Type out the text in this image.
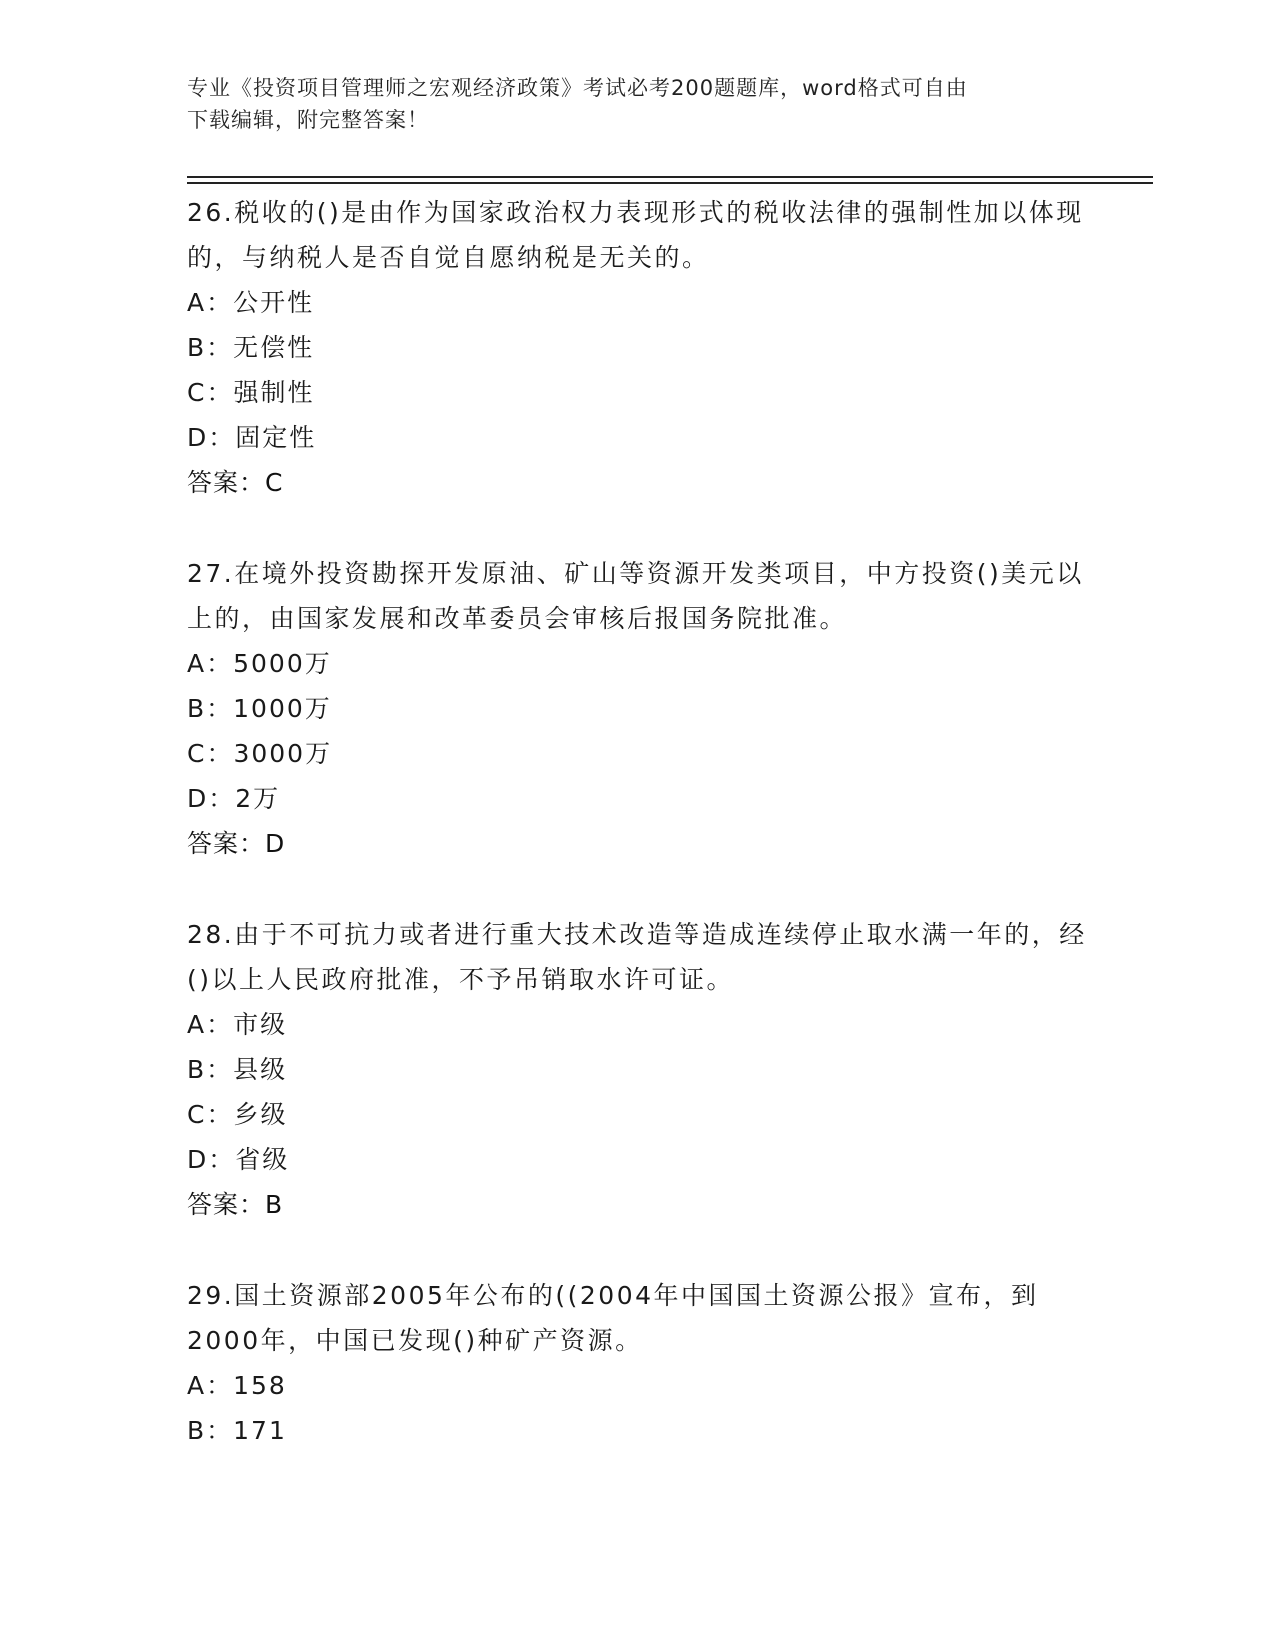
专业《投资项目管理师之宏观经济政策》考试必考200题题库，word格式可自由
下载编辑，附完整答案！
26.税收的()是由作为国家政治权力表现形式的税收法律的强制性加以体现的，与纳税人是否自觉自愿纳税是无关的。
A：公开性
B：无偿性
C：强制性
D：固定性
答案：C
27.在境外投资勘探开发原油、矿山等资源开发类项目，中方投资()美元以上的，由国家发展和改革委员会审核后报国务院批准。
A：5000万
B：1000万
C：3000万
D：2万
答案：D
28.由于不可抗力或者进行重大技术改造等造成连续停止取水满一年的，经()以上人民政府批准，不予吊销取水许可证。
A：市级
B：县级
C：乡级
D：省级
答案：B
29.国土资源部2005年公布的((2004年中国国土资源公报》宣布，到2000年，中国已发现()种矿产资源。
A：158
B：171
